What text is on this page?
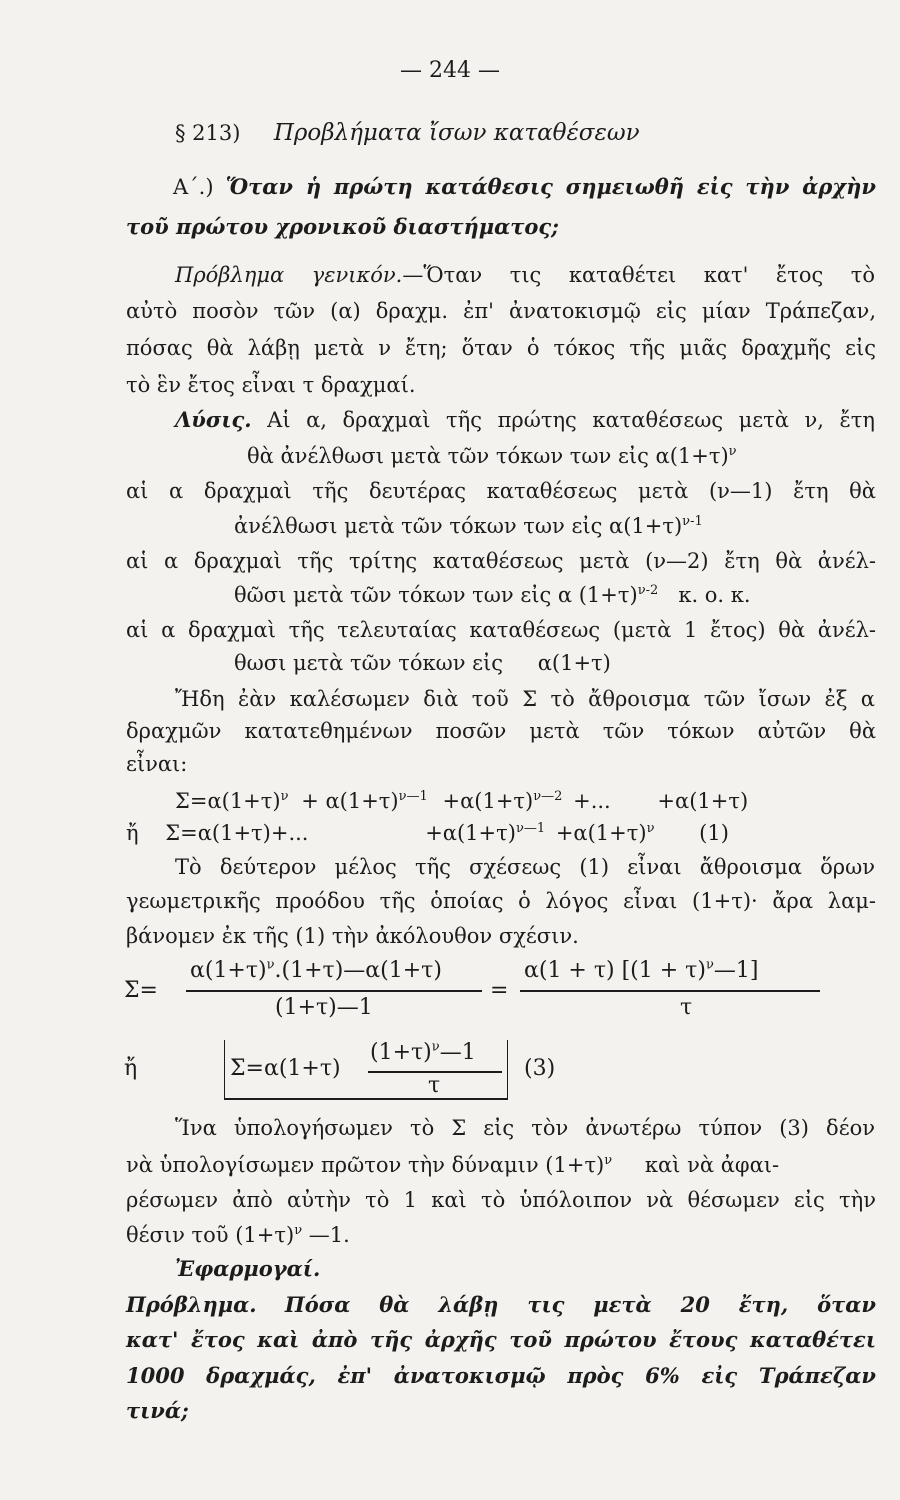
— 244 —
§ 213) Προβλήματα ἴσων καταθέσεων
Α΄.) Ὅταν ἡ πρώτη κατάθεσις σημειωθῆ εἰς τὴν ἀρχὴν
τοῦ πρώτου χρονικοῦ διαστήματος;
Πρόβλημα γενικόν.—Ὅταν τις καταθέτει κατ' ἔτος τὸ
αὐτὸ ποσὸν τῶν (α) δραχμ. ἐπ' ἀνατοκισμῷ εἰς μίαν Τράπεζαν,
πόσας θὰ λάβῃ μετὰ ν ἔτη; ὅταν ὁ τόκος τῆς μιᾶς δραχμῆς εἰς
τὸ ἓν ἔτος εἶναι τ δραχμαί.
Λύσις. Αἱ α, δραχμαὶ τῆς πρώτης καταθέσεως μετὰ ν, ἔτη
θὰ ἀνέλθωσι μετὰ τῶν τόκων των εἰς $\alpha(1+\tau)^\nu$
αἱ α δραχμαὶ τῆς δευτέρας καταθέσεως μετὰ (ν—1) ἔτη θὰ
ἀνέλθωσι μετὰ τῶν τόκων των εἰς $\alpha(1+\tau)^{\nu-1}$
αἱ α δραχμαὶ τῆς τρίτης καταθέσεως μετὰ (ν—2) ἔτη θὰ ἀνέλ-
θῶσι μετὰ τῶν τόκων των εἰς α $(1+\tau)^{\nu-2}$ κ. ο. κ.
αἱ α δραχμαὶ τῆς τελευταίας καταθέσεως (μετὰ 1 ἔτος) θὰ ἀνέλ-
θωσι μετὰ τῶν τόκων εἰς α(1+τ)
Ἤδη ἐὰν καλέσωμεν διὰ τοῦ Σ τὸ ἄθροισμα τῶν ἴσων ἐξ α
δραχμῶν κατατεθημένων ποσῶν μετὰ τῶν τόκων αὐτῶν θὰ
εἶναι:
$\Sigma=\alpha(1+\tau)^\nu + \alpha(1+\tau)^{\nu—1} +\alpha(1+\tau)^{\nu—2}$ +... +α(1+τ)
ἤ Σ=α(1+τ)+...	$+\alpha(1+\tau)^{\nu—1} +\alpha(1+\tau)^\nu$ (1)
Τὸ δεύτερον μέλος τῆς σχέσεως (1) εἶναι ἄθροισμα ὅρων
γεωμετρικῆς προόδου τῆς ὁποίας ὁ λόγος εἶναι (1+τ)· ἄρα λαμ-
βάνομεν ἐκ τῆς (1) τὴν ἀκόλουθον σχέσιν.
Σ=
$\alpha(1+\tau)^\nu.(1+\tau)—\alpha(1+\tau)$
(1+τ)—1
=
α(1 + τ) $[(1 + \tau)^\nu—1]$
τ
ἤ	Σ=α(1+τ)
$(1+\tau)^\nu—1$
τ
(3)
Ἵνα ὑπολογήσωμεν τὸ Σ εἰς τὸν ἀνωτέρω τύπον (3) δέον
νὰ ὑπολογίσωμεν πρῶτον τὴν δύναμιν $(1+\tau)^\nu$ καὶ νὰ ἀφαι-
ρέσωμεν ἀπὸ αὐτὴν τὸ 1 καὶ τὸ ὑπόλοιπον νὰ θέσωμεν εἰς τὴν
θέσιν τοῦ $(1+\tau)^\nu$ —1.
Ἐφαρμογαί.
Πρόβλημα. Πόσα θὰ λάβῃ τις μετὰ 20 ἔτη, ὅταν
κατ' ἔτος καὶ ἀπὸ τῆς ἀρχῆς τοῦ πρώτου ἔτους καταθέτει
1000 δραχμάς, ἐπ' ἀνατοκισμῷ πρὸς 6% εἰς Τράπεζαν
τινά;
